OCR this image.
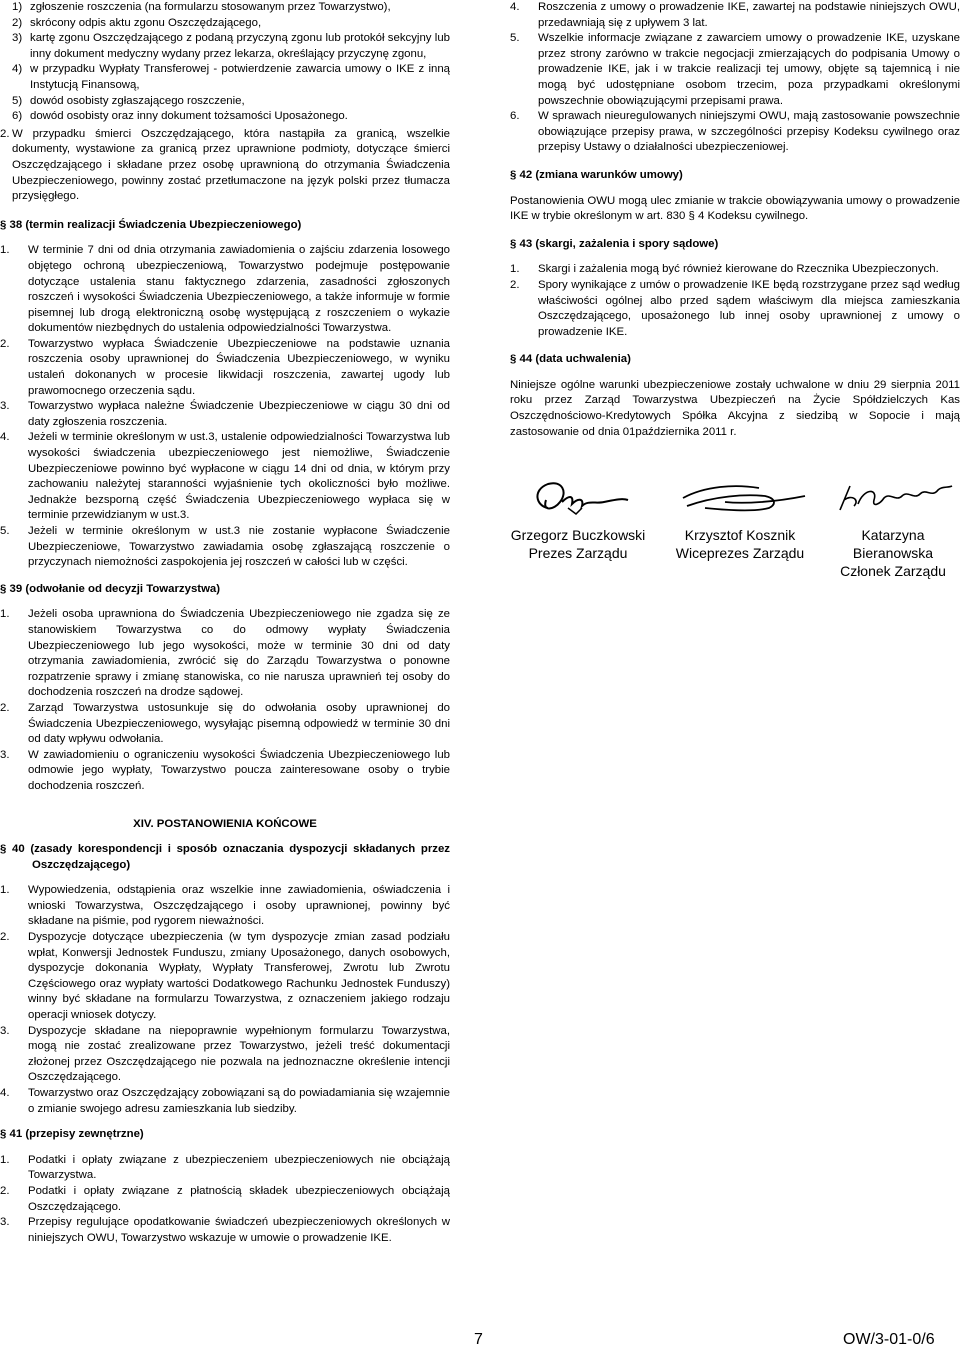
1) zgłoszenie roszczenia (na formularzu stosowanym przez Towarzystwo),
2) skrócony odpis aktu zgonu Oszczędzającego,
3) kartę zgonu Oszczędzającego z podaną przyczyną zgonu lub protokół sekcyjny lub inny dokument medyczny wydany przez lekarza, określający przyczynę zgonu,
4) w przypadku Wypłaty Transferowej - potwierdzenie zawarcia umowy o IKE z inną Instytucją Finansową,
5) dowód osobisty zgłaszającego roszczenie,
6) dowód osobisty oraz inny dokument tożsamości Uposażonego.
2. W przypadku śmierci Oszczędzającego, która nastąpiła za granicą, wszelkie dokumenty, wystawione za granicą przez uprawnione podmioty, dotyczące śmierci Oszczędzającego i składane przez osobę uprawnioną do otrzymania Świadczenia Ubezpieczeniowego, powinny zostać przetłumaczone na język polski przez tłumacza przysięgłego.

§ 38 (termin realizacji Świadczenia Ubezpieczeniowego)

1.	W terminie 7 dni od dnia otrzymania zawiadomienia o zajściu zdarzenia losowego objętego ochroną ubezpieczeniową, Towarzystwo podejmuje postępowanie dotyczące ustalenia stanu faktycznego zdarzenia, zasadności zgłoszonych roszczeń i wysokości Świadczenia Ubezpieczeniowego, a także informuje w formie pisemnej lub drogą elektroniczną osobę występującą z roszczeniem o wykazie dokumentów niezbędnych do ustalenia odpowiedzialności Towarzystwa.
2.	Towarzystwo wypłaca Świadczenie Ubezpieczeniowe na podstawie uznania roszczenia osoby uprawnionej do Świadczenia Ubezpieczeniowego, w wyniku ustaleń dokonanych w procesie likwidacji roszczenia, zawartej ugody lub prawomocnego orzeczenia sądu.
3.	Towarzystwo wypłaca należne Świadczenie Ubezpieczeniowe w ciągu 30 dni od daty zgłoszenia roszczenia.
4.	Jeżeli w terminie określonym w ust.3, ustalenie odpowiedzialności Towarzystwa lub wysokości świadczenia ubezpieczeniowego jest niemożliwe, Świadczenie Ubezpieczeniowe powinno być wypłacone w ciągu 14 dni od dnia, w którym przy zachowaniu należytej staranności wyjaśnienie tych okoliczności było możliwe. Jednakże bezsporną część Świadczenia Ubezpieczeniowego wypłaca się w terminie przewidzianym w ust.3.
5.	Jeżeli w terminie określonym w ust.3 nie zostanie wypłacone Świadczenie Ubezpieczeniowe, Towarzystwo zawiadamia osobę zgłaszającą roszczenie o przyczynach niemożności zaspokojenia jej roszczeń w całości lub w części.

§ 39 (odwołanie od decyzji Towarzystwa)

1.	Jeżeli osoba uprawniona do Świadczenia Ubezpieczeniowego nie zgadza się ze stanowiskiem Towarzystwa co do odmowy wypłaty Świadczenia Ubezpieczeniowego lub jego wysokości, może w terminie 30 dni od daty otrzymania zawiadomienia, zwrócić się do Zarządu Towarzystwa o ponowne rozpatrzenie sprawy i zmianę stanowiska, co nie narusza uprawnień tej osoby do dochodzenia roszczeń na drodze sądowej.
2.	Zarząd Towarzystwa ustosunkuje się do odwołania osoby uprawnionej do Świadczenia Ubezpieczeniowego, wysyłając pisemną odpowiedź w terminie 30 dni od daty wpływu odwołania.
3.	W zawiadomieniu o ograniczeniu wysokości Świadczenia Ubezpieczeniowego lub odmowie jego wypłaty, Towarzystwo poucza zainteresowane osoby o trybie dochodzenia roszczeń.

XIV. POSTANOWIENIA KOŃCOWE

§ 40 (zasady korespondencji i sposób oznaczania dyspozycji składanych przez Oszczędzającego)

1.	Wypowiedzenia, odstąpienia oraz wszelkie inne zawiadomienia, oświadczenia i wnioski Towarzystwa, Oszczędzającego i osoby uprawnionej, powinny być składane na piśmie, pod rygorem nieważności.
2.	Dyspozycje dotyczące ubezpieczenia (w tym dyspozycje zmian zasad podziału wpłat, Konwersji Jednostek Funduszu, zmiany Uposażonego, danych osobowych, dyspozycje dokonania Wypłaty, Wypłaty Transferowej, Zwrotu lub Zwrotu Częściowego oraz wypłaty wartości Dodatkowego Rachunku Jednostek Funduszy) winny być składane na formularzu Towarzystwa, z oznaczeniem jakiego rodzaju operacji wniosek dotyczy.
3.	Dyspozycje składane na niepoprawnie wypełnionym formularzu Towarzystwa, mogą nie zostać zrealizowane przez Towarzystwo, jeżeli treść dokumentacji złożonej przez Oszczędzającego nie pozwala na jednoznaczne określenie intencji Oszczędzającego.
4.	Towarzystwo oraz Oszczędzający zobowiązani są do powiadamiania się wzajemnie o zmianie swojego adresu zamieszkania lub siedziby.

§ 41 (przepisy zewnętrzne)

1.	Podatki i opłaty związane z ubezpieczeniem ubezpieczeniowych nie obciążają Towarzystwa.
2.	Podatki i opłaty związane z płatnością składek ubezpieczeniowych obciążają Oszczędzającego.
3.	Przepisy regulujące opodatkowanie świadczeń ubezpieczeniowych określonych w niniejszych OWU, Towarzystwo wskazuje w umowie o prowadzenie IKE.
4.	Roszczenia z umowy o prowadzenie IKE, zawartej na podstawie niniejszych OWU, przedawniają się z upływem 3 lat.
5.	Wszelkie informacje związane z zawarciem umowy o prowadzenie IKE, uzyskane przez strony zarówno w trakcie negocjacji zmierzających do podpisania Umowy o prowadzenie IKE, jak i w trakcie realizacji tej umowy, objęte są tajemnicą i nie mogą być udostępniane osobom trzecim, poza przypadkami określonymi powszechnie obowiązującymi przepisami prawa.
6.	W sprawach nieuregulowanych niniejszymi OWU, mają zastosowanie powszechnie obowiązujące przepisy prawa, w szczególności przepisy Kodeksu cywilnego oraz przepisy Ustawy o działalności ubezpieczeniowej.

§ 42 (zmiana warunków umowy)

Postanowienia OWU mogą ulec zmianie w trakcie obowiązywania umowy o prowadzenie IKE w trybie określonym w art. 830 § 4 Kodeksu cywilnego.

§ 43 (skargi, zażalenia i spory sądowe)

1.	Skargi i zażalenia mogą być również kierowane do Rzecznika Ubezpieczonych.
2.	Spory wynikające z umów o prowadzenie IKE będą rozstrzygane przez sąd według właściwości ogólnej albo przed sądem właściwym dla miejsca zamieszkania Oszczędzającego, uposażonego lub innej osoby uprawnionej z umowy o prowadzenie IKE.

§ 44 (data uchwalenia)

Niniejsze ogólne warunki ubezpieczeniowe zostały uchwalone w dniu 29 sierpnia 2011 roku przez Zarząd Towarzystwa Ubezpieczeń na Życie Spółdzielczych Kas Oszczędnościowo-Kredytowych Spółka Akcyjna z siedzibą w Sopocie i mają zastosowanie od dnia 01października 2011 r.

Grzegorz Buczkowski
Prezes Zarządu
Krzysztof Kosznik
Wiceprezes Zarządu
Katarzyna Bieranowska
Członek Zarządu
7	OW/3-01-0/6
